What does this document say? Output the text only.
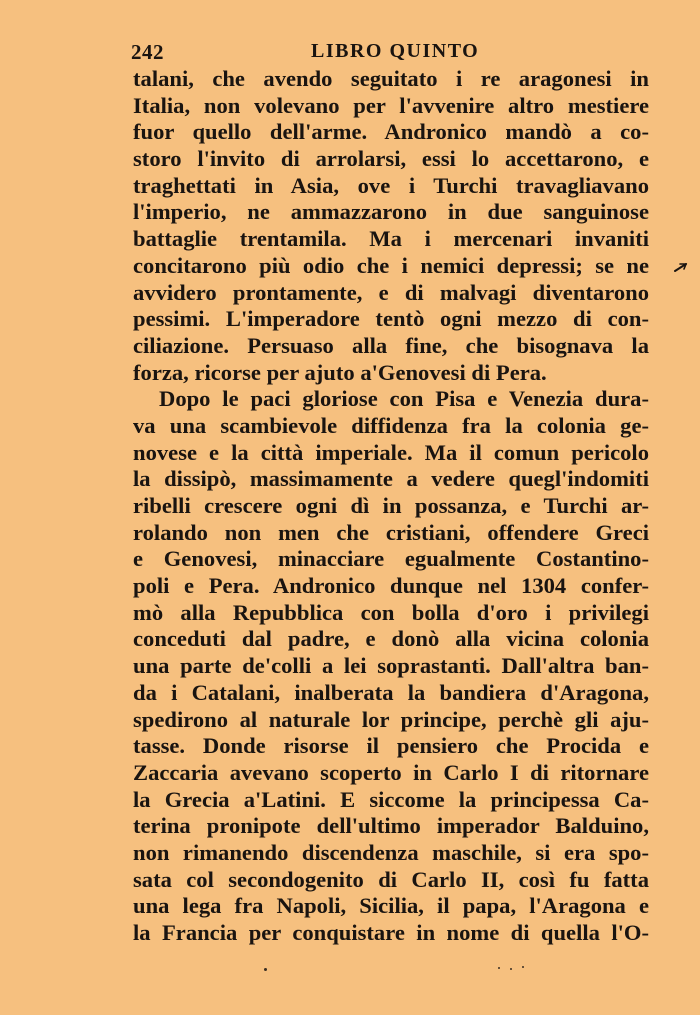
242	LIBRO QUINTO
talani, che avendo seguitato i re aragonesi in
Italia, non volevano per l'avvenire altro mestiere
fuor quello dell'arme. Andronico mandò a co-
storo l'invito di arrolarsi, essi lo accettarono, e
traghettati in Asia, ove i Turchi travagliavano
l'imperio, ne ammazzarono in due sanguinose
battaglie trentamila. Ma i mercenari invaniti
concitarono più odio che i nemici depressi; se ne
avvidero prontamente, e di malvagi diventarono
pessimi. L'imperadore tentò ogni mezzo di con-
ciliazione. Persuaso alla fine, che bisognava la
forza, ricorse per ajuto a'Genovesi di Pera.
Dopo le paci gloriose con Pisa e Venezia dura-
va una scambievole diffidenza fra la colonia ge-
novese e la città imperiale. Ma il comun pericolo
la dissipò, massimamente a vedere quegl'indomiti
ribelli crescere ogni dì in possanza, e Turchi ar-
rolando non men che cristiani, offendere Greci
e Genovesi, minacciare egualmente Costantino-
poli e Pera. Andronico dunque nel 1304 confer-
mò alla Repubblica con bolla d'oro i privilegi
conceduti dal padre, e donò alla vicina colonia
una parte de'colli a lei soprastanti. Dall'altra ban-
da i Catalani, inalberata la bandiera d'Aragona,
spedirono al naturale lor principe, perchè gli aju-
tasse. Donde risorse il pensiero che Procida e
Zaccaria avevano scoperto in Carlo I di ritornare
la Grecia a'Latini. E siccome la principessa Ca-
terina pronipote dell'ultimo imperador Balduino,
non rimanendo discendenza maschile, si era spo-
sata col secondogenito di Carlo II, così fu fatta
una lega fra Napoli, Sicilia, il papa, l'Aragona e
la Francia per conquistare in nome di quella l'O-
